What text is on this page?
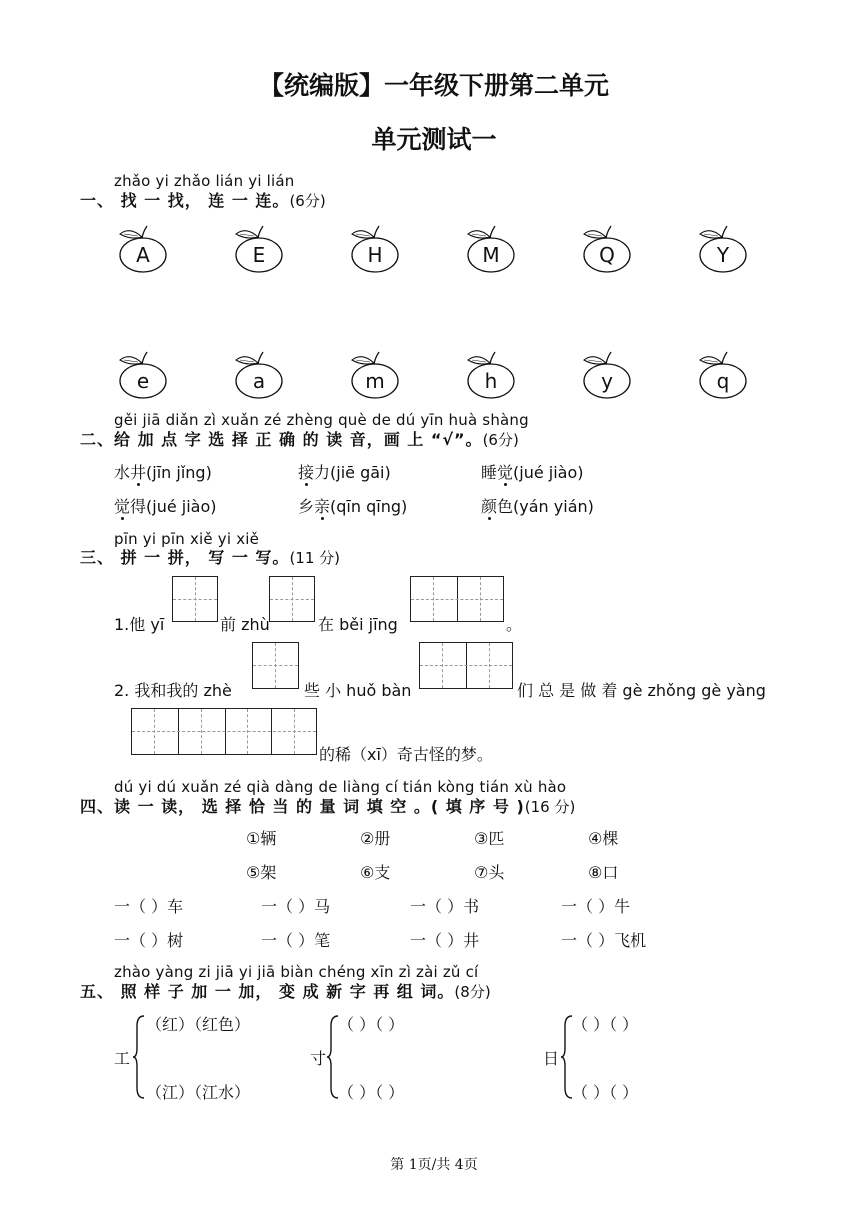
【统编版】一年级下册第二单元
单元测试一
zhǎo yi zhǎo lián yi lián
一、 找 一 找， 连 一 连。(6分)
A	E	H	M	Q	Y
e	a	m	h	y	q
gěi jiā diǎn zì xuǎn zé zhèng què de dú yīn huà shàng
二、给 加 点 字 选 择 正 确 的 读 音，画 上 “√”。(6分)
水井(jīn jǐng)	接力(jiē gāi)	睡觉(jué jiào)
觉得(jué jiào)	乡亲(qīn qīng)	颜色(yán yián)
pīn yi pīn xiě yi xiě
三、 拼 一 拼， 写 一 写。(11 分)
1.他 yī	前 zhù	在 běi jīng	。
2. 我和我的 zhè	些 小 huǒ bàn	们 总 是 做 着 gè zhǒng gè yàng
的稀（xī）奇古怪的梦。
dú yi dú xuǎn zé qià dàng de liàng cí tián kòng tián xù hào
四、读 一 读， 选 择 恰 当 的 量 词 填 空 。( 填 序 号 )(16 分)
①辆	②册	③匹	④棵
⑤架	⑥支	⑦头	⑧口
一（ ）车	一（ ）马	一（ ）书	一（ ）牛
一（ ）树	一（ ）笔	一（ ）井	一（ ）飞机
zhào yàng zi jiā yi jiā biàn chéng xīn zì zài zǔ cí
五、 照 样 子 加 一 加， 变 成 新 字 再 组 词。(8分)
工
（红）（红色）
（江）（江水）
寸
（ ）（ ）
（ ）（ ）
日
（ ）（ ）
（ ）（ ）
第 1页/共 4页
